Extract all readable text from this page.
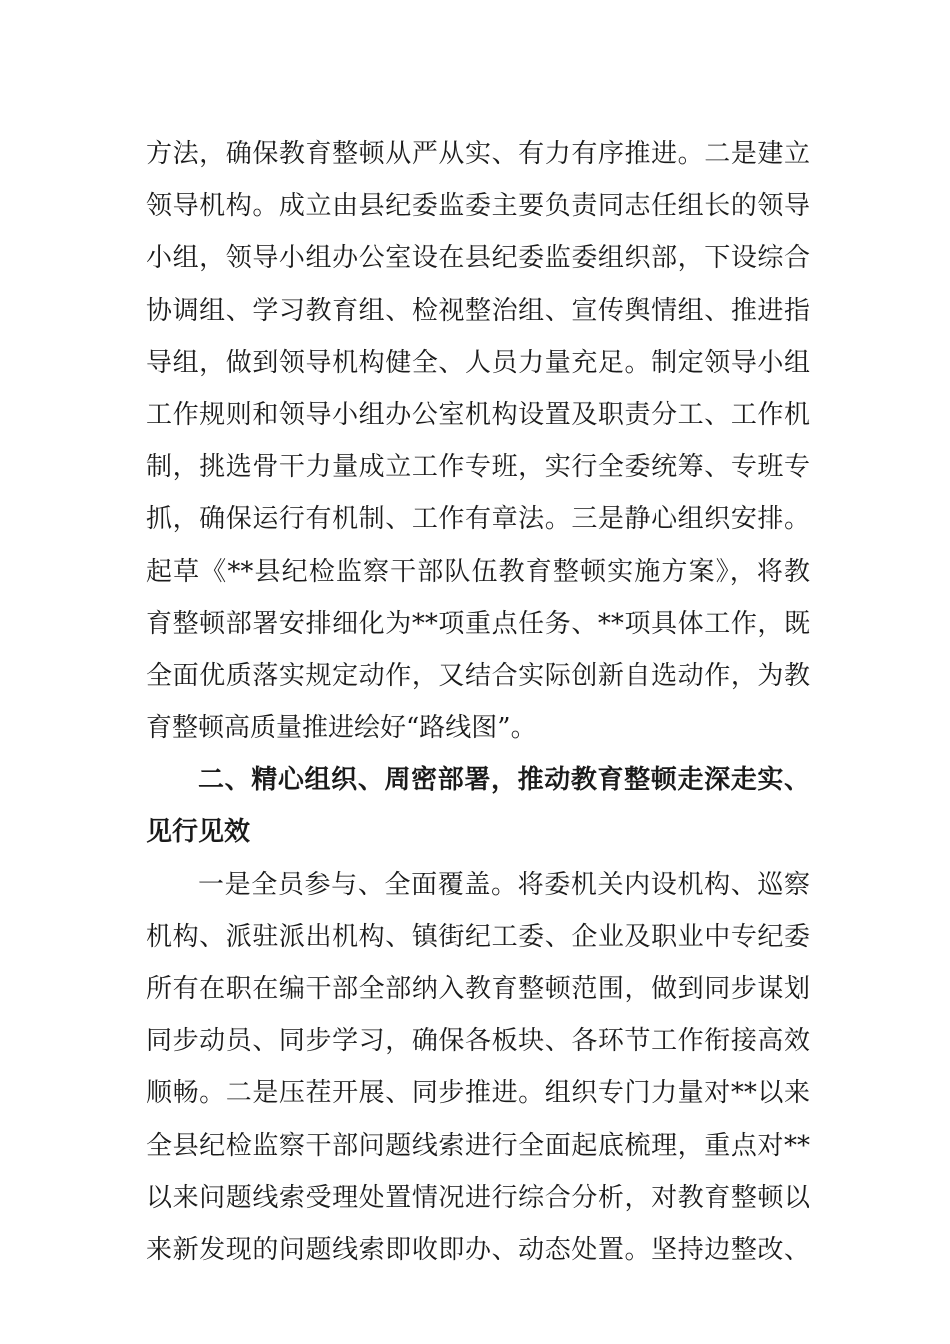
方法，确保教育整顿从严从实、有力有序推进。二是建立
领导机构。成立由县纪委监委主要负责同志任组长的领导
小组，领导小组办公室设在县纪委监委组织部，下设综合
协调组、学习教育组、检视整治组、宣传舆情组、推进指
导组，做到领导机构健全、人员力量充足。制定领导小组
工作规则和领导小组办公室机构设置及职责分工、工作机
制，挑选骨干力量成立工作专班，实行全委统筹、专班专
抓，确保运行有机制、工作有章法。三是静心组织安排。
起草《**县纪检监察干部队伍教育整顿实施方案》，将教
育整顿部署安排细化为**项重点任务、**项具体工作，既
全面优质落实规定动作，又结合实际创新自选动作，为教
育整顿高质量推进绘好“路线图”。
二、精心组织、周密部署，推动教育整顿走深走实、
见行见效
一是全员参与、全面覆盖。将委机关内设机构、巡察
机构、派驻派出机构、镇街纪工委、企业及职业中专纪委
所有在职在编干部全部纳入教育整顿范围，做到同步谋划
同步动员、同步学习，确保各板块、各环节工作衔接高效
顺畅。二是压茬开展、同步推进。组织专门力量对**以来
全县纪检监察干部问题线索进行全面起底梳理，重点对**
以来问题线索受理处置情况进行综合分析，对教育整顿以
来新发现的问题线索即收即办、动态处置。坚持边整改、
